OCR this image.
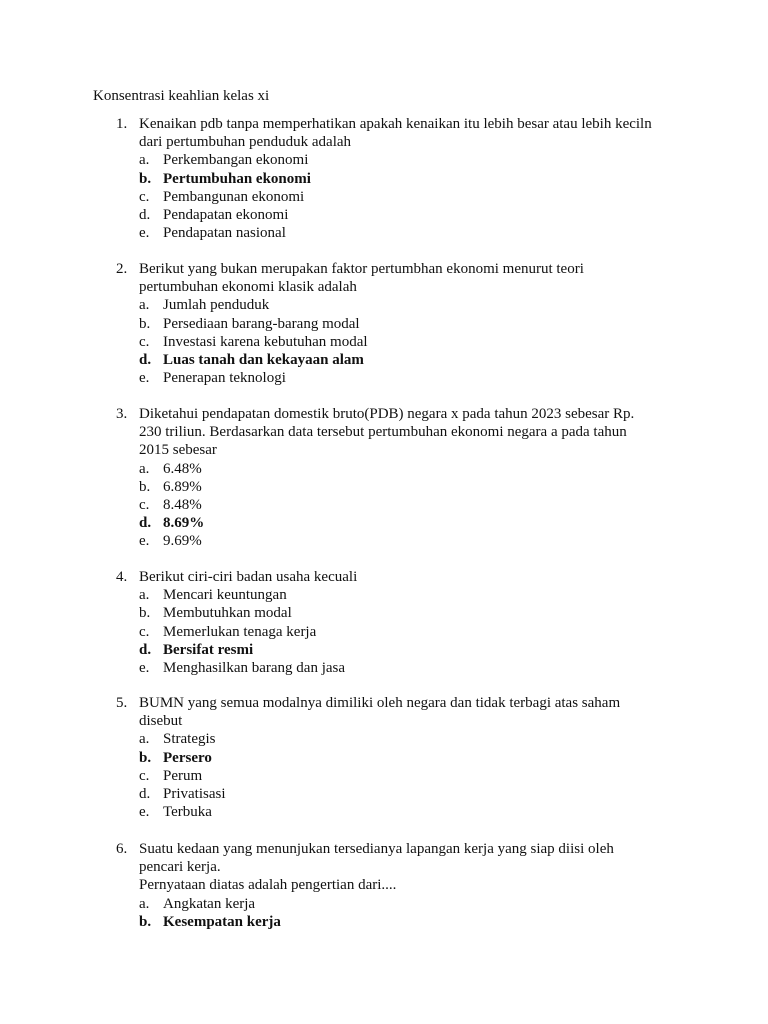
Konsentrasi keahlian kelas xi
1. Kenaikan pdb tanpa memperhatikan apakah kenaikan itu lebih besar atau lebih keciln
dari pertumbuhan penduduk adalah
a. Perkembangan ekonomi
b. Pertumbuhan ekonomi
c. Pembangunan ekonomi
d. Pendapatan ekonomi
e. Pendapatan nasional
2. Berikut yang bukan merupakan faktor pertumbhan ekonomi menurut teori
pertumbuhan ekonomi klasik adalah
a. Jumlah penduduk
b. Persediaan barang-barang modal
c. Investasi karena kebutuhan modal
d. Luas tanah dan kekayaan alam
e. Penerapan teknologi
3. Diketahui pendapatan domestik bruto(PDB) negara x pada tahun 2023 sebesar Rp.
230 triliun. Berdasarkan data tersebut pertumbuhan ekonomi negara a pada tahun
2015 sebesar
a. 6.48%
b. 6.89%
c. 8.48%
d. 8.69%
e. 9.69%
4. Berikut ciri-ciri badan usaha kecuali
a. Mencari keuntungan
b. Membutuhkan modal
c. Memerlukan tenaga kerja
d. Bersifat resmi
e. Menghasilkan barang dan jasa
5. BUMN yang semua modalnya dimiliki oleh negara dan tidak terbagi atas saham
disebut
a. Strategis
b. Persero
c. Perum
d. Privatisasi
e. Terbuka
6. Suatu kedaan yang menunjukan tersedianya lapangan kerja yang siap diisi oleh
pencari kerja.
Pernyataan diatas adalah pengertian dari....
a. Angkatan kerja
b. Kesempatan kerja
